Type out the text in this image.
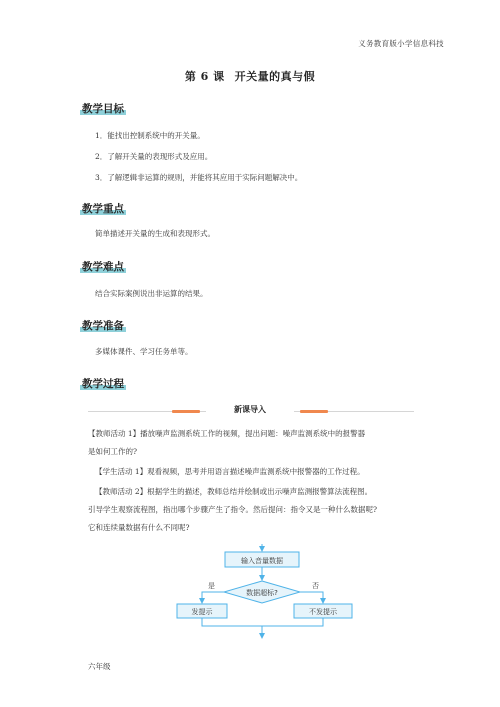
义务教育版小学信息科技
第 6 课 开关量的真与假
教学目标
1．能找出控制系统中的开关量。
2．了解开关量的表现形式及应用。
3．了解逻辑非运算的规则，并能将其应用于实际问题解决中。
教学重点
简单描述开关量的生成和表现形式。
教学难点
结合实际案例说出非运算的结果。
教学准备
多媒体课件、学习任务单等。
教学过程
新课导入
【教师活动 1】播放噪声监测系统工作的视频，提出问题：噪声监测系统中的报警器
是如何工作的?
【学生活动 1】观看视频，思考并用语言描述噪声监测系统中报警器的工作过程。
【教师活动 2】根据学生的描述，教师总结并绘制或出示噪声监测报警算法流程图。
引导学生观察流程图，指出哪个步骤产生了指令。然后提问：指令又是一种什么数据呢?
它和连续量数据有什么不同呢?
输入音量数据
数据超标?
是	否
发提示	不发提示
六年级
